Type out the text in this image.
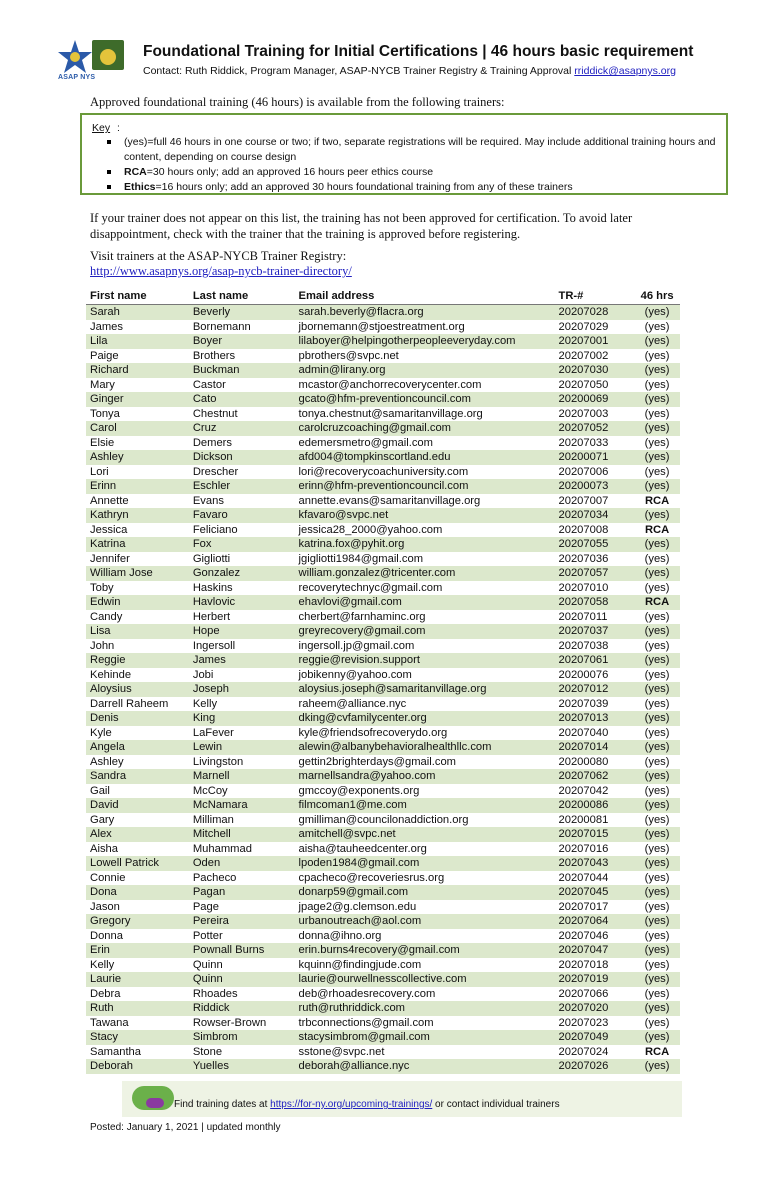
ASAP NYS
Foundational Training for Initial Certifications | 46 hours basic requirement
Contact: Ruth Riddick, Program Manager, ASAP-NYCB Trainer Registry & Training Approval rriddick@asapnys.org
Approved foundational training (46 hours) is available from the following trainers:
Key :
(yes)=full 46 hours in one course or two; if two, separate registrations will be required. May include additional training hours and content, depending on course design
RCA=30 hours only; add an approved 16 hours peer ethics course
Ethics=16 hours only; add an approved 30 hours foundational training from any of these trainers
If your trainer does not appear on this list, the training has not been approved for certification. To avoid later disappointment, check with the trainer that the training is approved before registering.
Visit trainers at the ASAP-NYCB Trainer Registry:
http://www.asapnys.org/asap-nycb-trainer-directory/
First name	Last name	Email address	TR-#	46 hrs
Sarah	Beverly	sarah.beverly@flacra.org	20207028	(yes)
James	Bornemann	jbornemann@stjoestreatment.org	20207029	(yes)
Lila	Boyer	lilaboyer@helpingotherpeopleeveryday.com	20207001	(yes)
Paige	Brothers	pbrothers@svpc.net	20207002	(yes)
Richard	Buckman	admin@lirany.org	20207030	(yes)
Mary	Castor	mcastor@anchorrecoverycenter.com	20207050	(yes)
Ginger	Cato	gcato@hfm-preventioncouncil.com	20200069	(yes)
Tonya	Chestnut	tonya.chestnut@samaritanvillage.org	20207003	(yes)
Carol	Cruz	carolcruzcoaching@gmail.com	20207052	(yes)
Elsie	Demers	edemersmetro@gmail.com	20207033	(yes)
Ashley	Dickson	afd004@tompkinscortland.edu	20200071	(yes)
Lori	Drescher	lori@recoverycoachuniversity.com	20207006	(yes)
Erinn	Eschler	erinn@hfm-preventioncouncil.com	20200073	(yes)
Annette	Evans	annette.evans@samaritanvillage.org	20207007	RCA
Kathryn	Favaro	kfavaro@svpc.net	20207034	(yes)
Jessica	Feliciano	jessica28_2000@yahoo.com	20207008	RCA
Katrina	Fox	katrina.fox@pyhit.org	20207055	(yes)
Jennifer	Gigliotti	jgigliotti1984@gmail.com	20207036	(yes)
William Jose	Gonzalez	william.gonzalez@tricenter.com	20207057	(yes)
Toby	Haskins	recoverytechnyc@gmail.com	20207010	(yes)
Edwin	Havlovic	ehavlovi@gmail.com	20207058	RCA
Candy	Herbert	cherbert@farnhaminc.org	20207011	(yes)
Lisa	Hope	greyrecovery@gmail.com	20207037	(yes)
John	Ingersoll	ingersoll.jp@gmail.com	20207038	(yes)
Reggie	James	reggie@revision.support	20207061	(yes)
Kehinde	Jobi	jobikenny@yahoo.com	20200076	(yes)
Aloysius	Joseph	aloysius.joseph@samaritanvillage.org	20207012	(yes)
Darrell Raheem	Kelly	raheem@alliance.nyc	20207039	(yes)
Denis	King	dking@cvfamilycenter.org	20207013	(yes)
Kyle	LaFever	kyle@friendsofrecoverydo.org	20207040	(yes)
Angela	Lewin	alewin@albanybehavioralhealthllc.com	20207014	(yes)
Ashley	Livingston	gettin2brighterdays@gmail.com	20200080	(yes)
Sandra	Marnell	marnellsandra@yahoo.com	20207062	(yes)
Gail	McCoy	gmccoy@exponents.org	20207042	(yes)
David	McNamara	filmcoman1@me.com	20200086	(yes)
Gary	Milliman	gmilliman@councilonaddiction.org	20200081	(yes)
Alex	Mitchell	amitchell@svpc.net	20207015	(yes)
Aisha	Muhammad	aisha@tauheedcenter.org	20207016	(yes)
Lowell Patrick	Oden	lpoden1984@gmail.com	20207043	(yes)
Connie	Pacheco	cpacheco@recoveriesrus.org	20207044	(yes)
Dona	Pagan	donarp59@gmail.com	20207045	(yes)
Jason	Page	jpage2@g.clemson.edu	20207017	(yes)
Gregory	Pereira	urbanoutreach@aol.com	20207064	(yes)
Donna	Potter	donna@ihno.org	20207046	(yes)
Erin	Pownall Burns	erin.burns4recovery@gmail.com	20207047	(yes)
Kelly	Quinn	kquinn@findingjude.com	20207018	(yes)
Laurie	Quinn	laurie@ourwellnesscollective.com	20207019	(yes)
Debra	Rhoades	deb@rhoadesrecovery.com	20207066	(yes)
Ruth	Riddick	ruth@ruthriddick.com	20207020	(yes)
Tawana	Rowser-Brown	trbconnections@gmail.com	20207023	(yes)
Stacy	Simbrom	stacysimbrom@gmail.com	20207049	(yes)
Samantha	Stone	sstone@svpc.net	20207024	RCA
Deborah	Yuelles	deborah@alliance.nyc	20207026	(yes)
Find training dates at https://for-ny.org/upcoming-trainings/ or contact individual trainers
Posted: January 1, 2021 | updated monthly
